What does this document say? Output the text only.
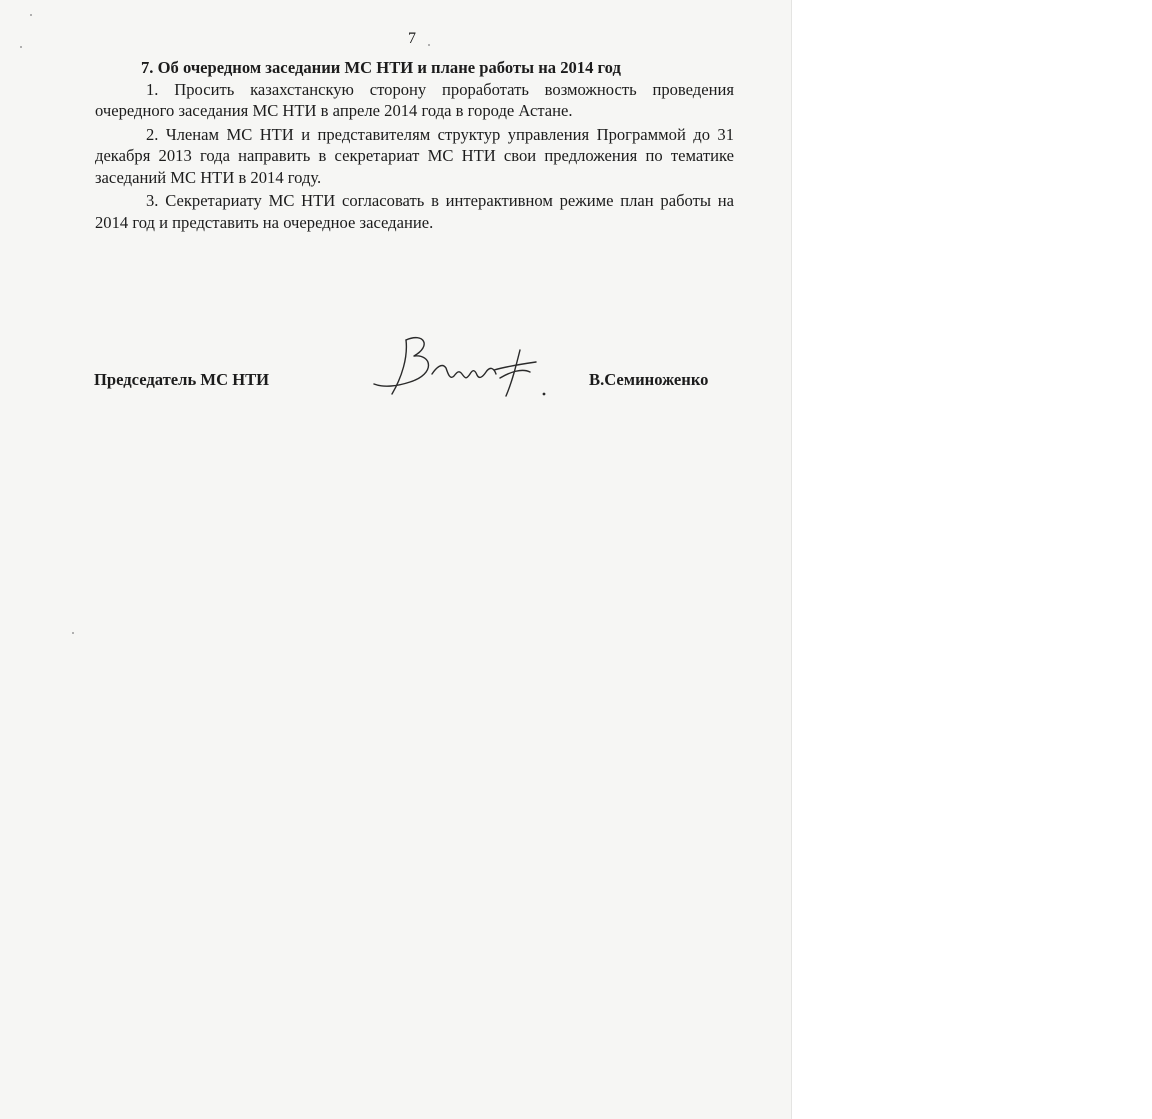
7
7. Об очередном заседании МС НТИ и плане работы на 2014 год

1. Просить казахстанскую сторону проработать возможность проведения очередного заседания МС НТИ в апреле 2014 года в городе Астане.

2. Членам МС НТИ и представителям структур управления Программой до 31 декабря 2013 года направить в секретариат МС НТИ свои предложения по тематике заседаний МС НТИ в 2014 году.

3. Секретариату МС НТИ согласовать в интерактивном режиме план работы на 2014 год и представить на очередное заседание.

Председатель МС НТИ	В.Семиноженко
